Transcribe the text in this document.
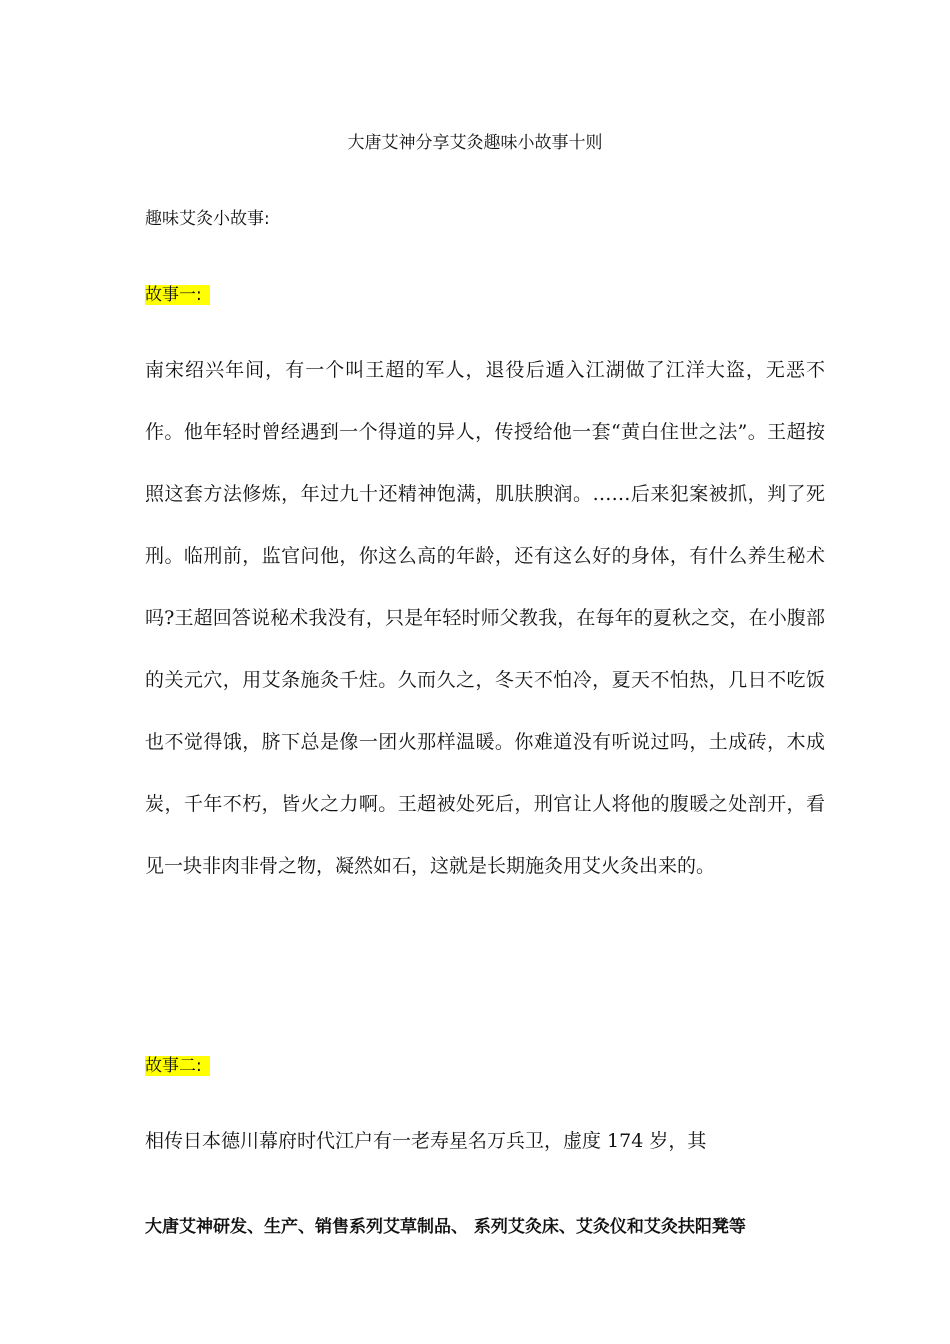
大唐艾神分享艾灸趣味小故事十则
趣味艾灸小故事:
故事一:

南宋绍兴年间，有一个叫王超的军人，退役后遁入江湖做了江洋大盗，无恶不作。他年轻时曾经遇到一个得道的异人，传授给他一套“黄白住世之法”。王超按照这套方法修炼，年过九十还精神饱满，肌肤腴润。……后来犯案被抓，判了死刑。临刑前，监官问他，你这么高的年龄，还有这么好的身体，有什么养生秘术吗?王超回答说秘术我没有，只是年轻时师父教我，在每年的夏秋之交，在小腹部的关元穴，用艾条施灸千炷。久而久之，冬天不怕冷，夏天不怕热，几日不吃饭也不觉得饿，脐下总是像一团火那样温暖。你难道没有听说过吗，土成砖，木成炭，千年不朽，皆火之力啊。王超被处死后，刑官让人将他的腹暖之处剖开，看见一块非肉非骨之物，凝然如石，这就是长期施灸用艾火灸出来的。

故事二:

相传日本德川幕府时代江户有一老寿星名万兵卫，虚度 174 岁，其

大唐艾神研发、生产、销售系列艾草制品、 系列艾灸床、艾灸仪和艾灸扶阳凳等
